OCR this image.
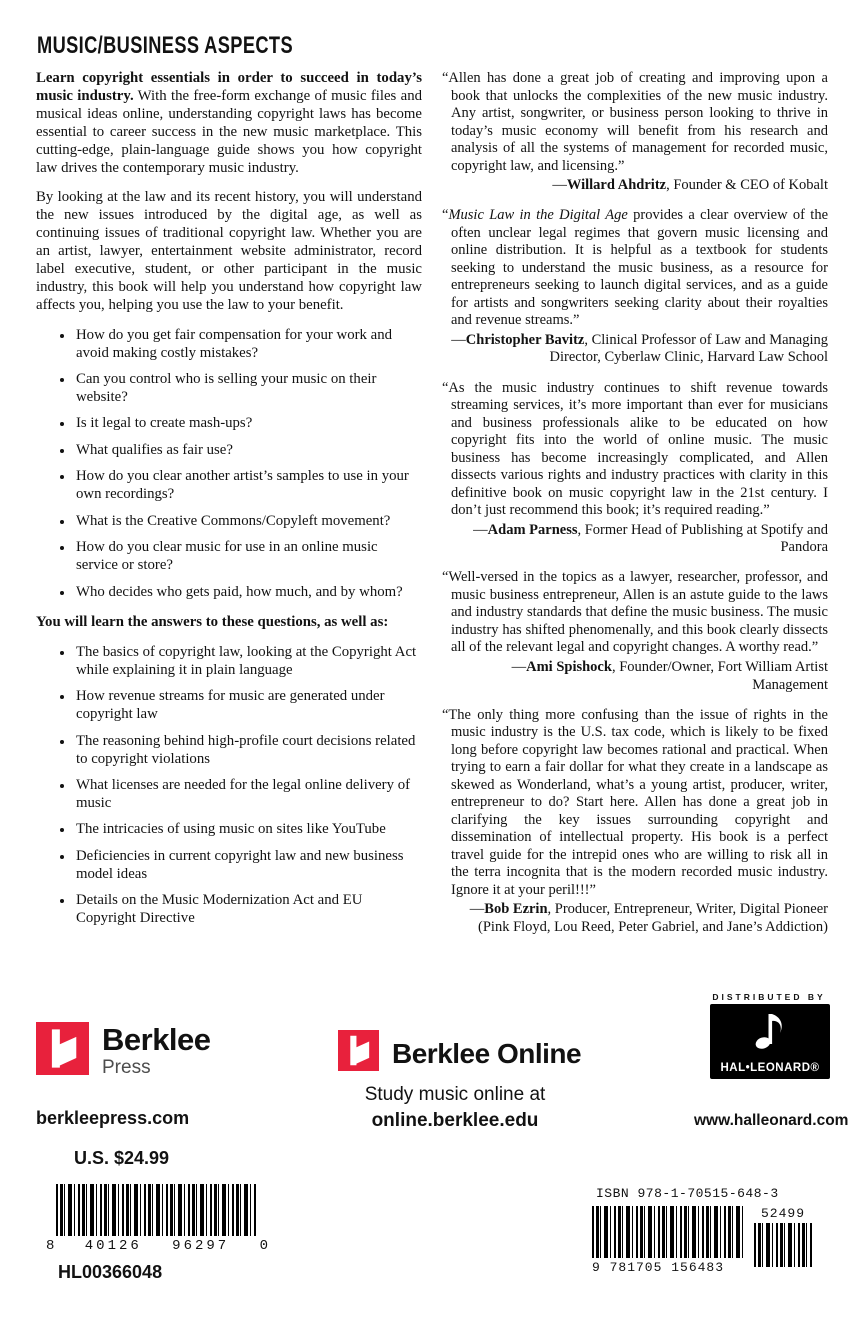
MUSIC/BUSINESS ASPECTS

Learn copyright essentials in order to succeed in today’s music industry. With the free-form exchange of music files and musical ideas online, understanding copyright laws has become essential to career success in the new music marketplace. This cutting-edge, plain-language guide shows you how copyright law drives the contemporary music industry.

By looking at the law and its recent history, you will understand the new issues introduced by the digital age, as well as continuing issues of traditional copyright law. Whether you are an artist, lawyer, entertainment website administrator, record label executive, student, or other participant in the music industry, this book will help you understand how copyright law affects you, helping you use the law to your benefit.

• How do you get fair compensation for your work and avoid making costly mistakes?
• Can you control who is selling your music on their website?
• Is it legal to create mash-ups?
• What qualifies as fair use?
• How do you clear another artist’s samples to use in your own recordings?
• What is the Creative Commons/Copyleft movement?
• How do you clear music for use in an online music service or store?
• Who decides who gets paid, how much, and by whom?
You will learn the answers to these questions, as well as:
• The basics of copyright law, looking at the Copyright Act while explaining it in plain language
• How revenue streams for music are generated under copyright law
• The reasoning behind high-profile court decisions related to copyright violations
• What licenses are needed for the legal online delivery of music
• The intricacies of using music on sites like YouTube
• Deficiencies in current copyright law and new business model ideas
• Details on the Music Modernization Act and EU Copyright Directive
“Allen has done a great job of creating and improving upon a book that unlocks the complexities of the new music industry. Any artist, songwriter, or business person looking to thrive in today’s music economy will benefit from his research and analysis of all the systems of management for recorded music, copyright law, and licensing.”
—Willard Ahdritz, Founder & CEO of Kobalt
“Music Law in the Digital Age provides a clear overview of the often unclear legal regimes that govern music licensing and online distribution. It is helpful as a textbook for students seeking to understand the music business, as a resource for entrepreneurs seeking to launch digital services, and as a guide for artists and songwriters seeking clarity about their royalties and revenue streams.”
—Christopher Bavitz, Clinical Professor of Law and Managing Director, Cyberlaw Clinic, Harvard Law School
“As the music industry continues to shift revenue towards streaming services, it’s more important than ever for musicians and business professionals alike to be educated on how copyright fits into the world of online music. The music business has become increasingly complicated, and Allen dissects various rights and industry practices with clarity in this definitive book on music copyright law in the 21st century. I don’t just recommend this book; it’s required reading.”
—Adam Parness, Former Head of Publishing at Spotify and Pandora
“Well-versed in the topics as a lawyer, researcher, professor, and music business entrepreneur, Allen is an astute guide to the laws and industry standards that define the music business. The music industry has shifted phenomenally, and this book clearly dissects all of the relevant legal and copyright changes. A worthy read.”
—Ami Spishock, Founder/Owner, Fort William Artist Management
“The only thing more confusing than the issue of rights in the music industry is the U.S. tax code, which is likely to be fixed long before copyright law becomes rational and practical. When trying to earn a fair dollar for what they create in a landscape as skewed as Wonderland, what’s a young artist, producer, writer, entrepreneur to do? Start here. Allen has done a great job in clarifying the key issues surrounding copyright and dissemination of intellectual property. His book is a perfect travel guide for the intrepid ones who are willing to risk all in the terra incognita that is the modern recorded music industry. Ignore it at your peril!!!”
—Bob Ezrin, Producer, Entrepreneur, Writer, Digital Pioneer (Pink Floyd, Lou Reed, Peter Gabriel, and Jane’s Addiction)
Berklee
Press
berkleepress.com
Berklee Online
Study music online at
online.berklee.edu
DISTRIBUTED BY
HAL•LEONARD®
www.halleonard.com
U.S. $24.99
8 40126 96297 0
HL00366048
ISBN 978-1-70515-648-3
9 781705 156483
52499
